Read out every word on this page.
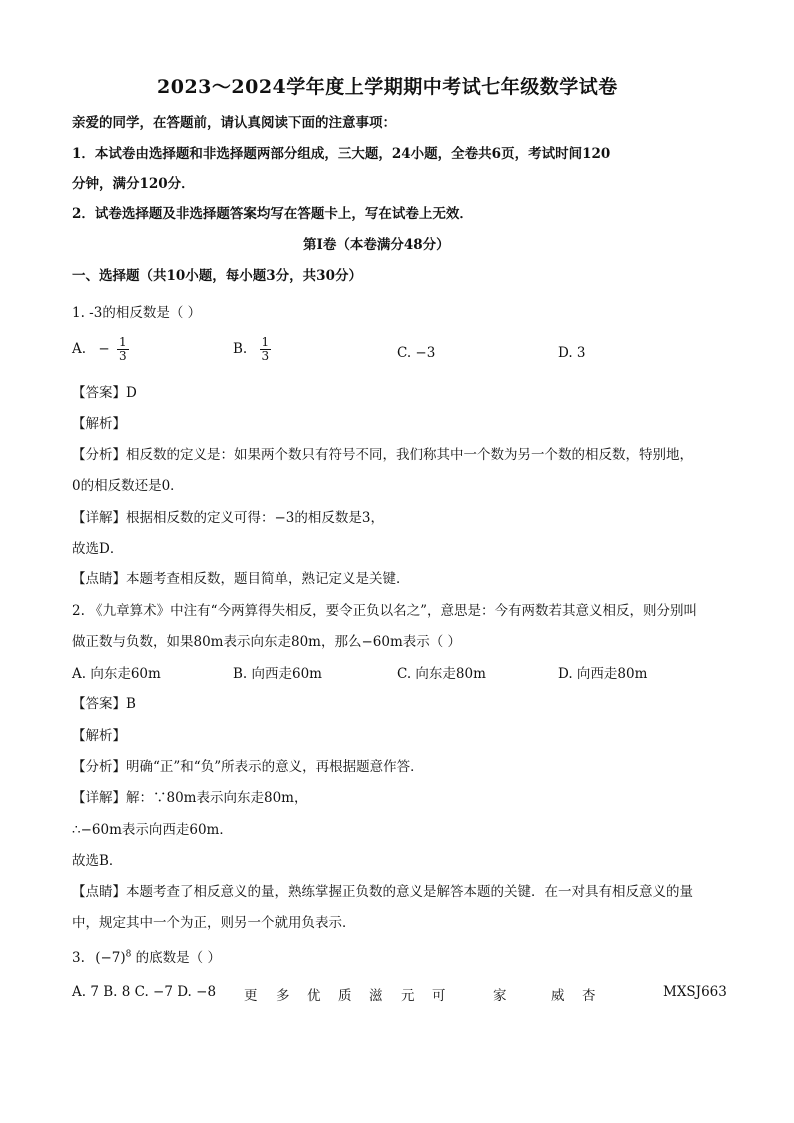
2023～2024学年度上学期期中考试七年级数学试卷
亲爱的同学，在答题前，请认真阅读下面的注意事项：
1．本试卷由选择题和非选择题两部分组成，三大题，24小题，全卷共6页，考试时间120
分钟，满分120分．
2．试卷选择题及非选择题答案均写在答题卡上，写在试卷上无效．
第Ⅰ卷（本卷满分48分）
一、选择题（共10小题，每小题3分，共30分）
1. -3的相反数是（ ）
A. − $\frac{1}{3}$	B. $\frac{1}{3}$	C. −3	D. 3
【答案】D
【解析】
【分析】相反数的定义是：如果两个数只有符号不同，我们称其中一个数为另一个数的相反数，特别地，
0的相反数还是0．
【详解】根据相反数的定义可得：−3的相反数是3，
故选D．
【点睛】本题考查相反数，题目简单，熟记定义是关键．
2. 《九章算术》中注有“今两算得失相反，要令正负以名之”，意思是：今有两数若其意义相反，则分别叫
做正数与负数，如果80m表示向东走80m，那么−60m表示（ ）
A. 向东走60m	B. 向西走60m	C. 向东走80m	D. 向西走80m
【答案】B
【解析】
【分析】明确“正”和“负”所表示的意义，再根据题意作答．
【详解】解：∵80m表示向东走80m，
∴−60m表示向西走60m．
故选B．
【点睛】本题考查了相反意义的量，熟练掌握正负数的意义是解答本题的关键．在一对具有相反意义的量
中，规定其中一个为正，则另一个就用负表示．
3. $(-7)^8$ 的底数是（ ）
A. 7 B. 8 C. −7 D. −8 更 多 优 质 滋 元 可	家	威 杏	MXSJ663
